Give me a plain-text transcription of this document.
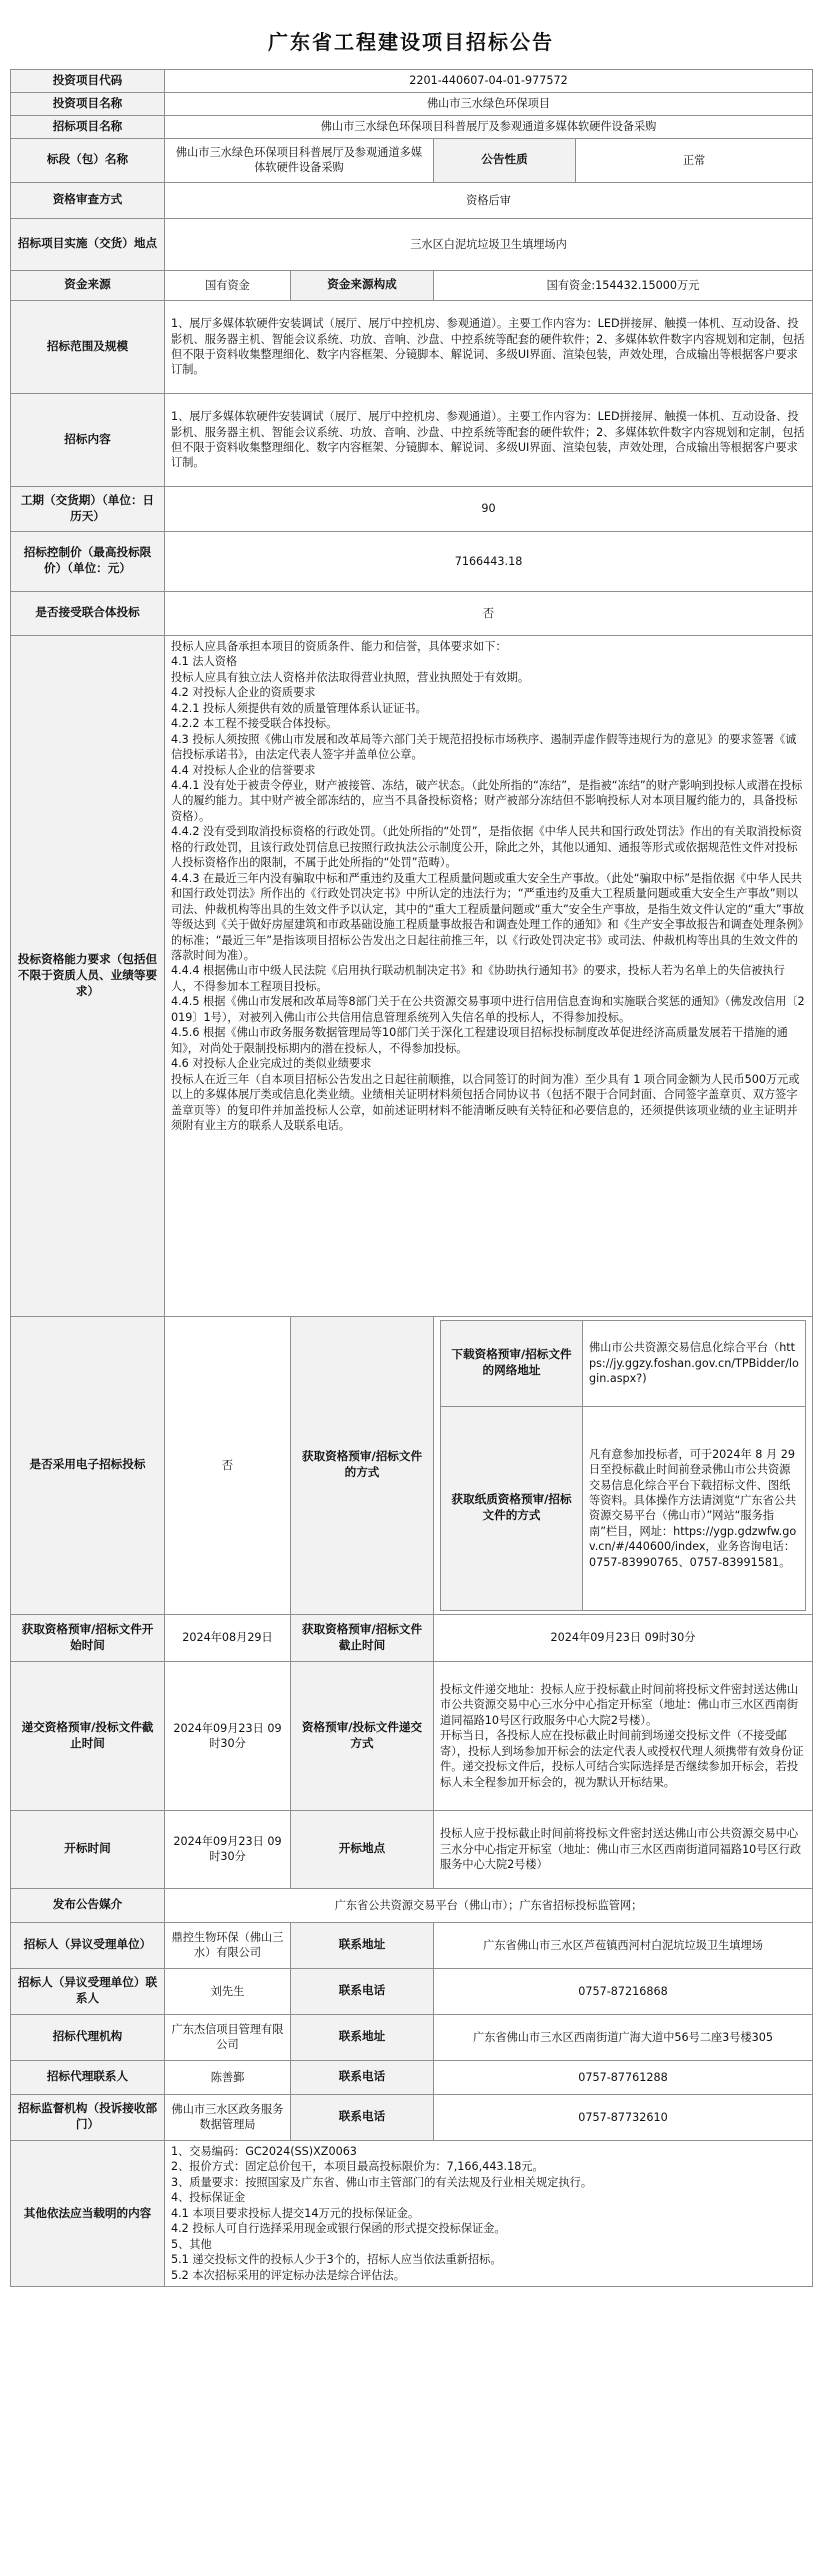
广东省工程建设项目招标公告
投资项目代码	2201-440607-04-01-977572
投资项目名称	佛山市三水绿色环保项目
招标项目名称	佛山市三水绿色环保项目科普展厅及参观通道多媒体软硬件设备采购
标段（包）名称	佛山市三水绿色环保项目科普展厅及参观通道多媒体软硬件设备采购	公告性质	正常
资格审查方式	资格后审
招标项目实施（交货）地点	三水区白泥坑垃圾卫生填埋场内
资金来源	国有资金	资金来源构成	国有资金:154432.15000万元
招标范围及规模	1、展厅多媒体软硬件安装调试（展厅、展厅中控机房、参观通道）。主要工作内容为：LED拼接屏、触摸一体机、互动设备、投影机、服务器主机、智能会议系统、功放、音响、沙盘、中控系统等配套的硬件软件；2、多媒体软件数字内容规划和定制，包括但不限于资料收集整理细化、数字内容框架、分镜脚本、解说词、多级UI界面、渲染包装，声效处理，合成输出等根据客户要求订制。
招标内容	1、展厅多媒体软硬件安装调试（展厅、展厅中控机房、参观通道）。主要工作内容为：LED拼接屏、触摸一体机、互动设备、投影机、服务器主机、智能会议系统、功放、音响、沙盘、中控系统等配套的硬件软件；2、多媒体软件数字内容规划和定制，包括但不限于资料收集整理细化、数字内容框架、分镜脚本、解说词、多级UI界面、渲染包装，声效处理，合成输出等根据客户要求订制。
工期（交货期）（单位：日历天）	90
招标控制价（最高投标限价）（单位：元）	7166443.18
是否接受联合体投标	否
投标资格能力要求（包括但不限于资质人员、业绩等要求）	投标人应具备承担本项目的资质条件、能力和信誉，具体要求如下：
4.1 法人资格
投标人应具有独立法人资格并依法取得营业执照，营业执照处于有效期。
4.2 对投标人企业的资质要求
4.2.1 投标人须提供有效的质量管理体系认证证书。
4.2.2 本工程不接受联合体投标。
4.3 投标人须按照《佛山市发展和改革局等六部门关于规范招投标市场秩序、遏制弄虚作假等违规行为的意见》的要求签署《诚信投标承诺书》，由法定代表人签字并盖单位公章。
4.4 对投标人企业的信誉要求
4.4.1 没有处于被责令停业，财产被接管、冻结，破产状态。（此处所指的“冻结”，是指被“冻结”的财产影响到投标人或潜在投标人的履约能力。其中财产被全部冻结的，应当不具备投标资格；财产被部分冻结但不影响投标人对本项目履约能力的，具备投标资格）。
4.4.2 没有受到取消投标资格的行政处罚。（此处所指的“处罚”，是指依据《中华人民共和国行政处罚法》作出的有关取消投标资格的行政处罚，且该行政处罚信息已按照行政执法公示制度公开，除此之外，其他以通知、通报等形式或依据规范性文件对投标人投标资格作出的限制，不属于此处所指的“处罚”范畴）。
4.4.3 在最近三年内没有骗取中标和严重违约及重大工程质量问题或重大安全生产事故。（此处“骗取中标”是指依据《中华人民共和国行政处罚法》所作出的《行政处罚决定书》中所认定的违法行为；“严重违约及重大工程质量问题或重大安全生产事故”则以司法、仲裁机构等出具的生效文件予以认定，其中的“重大工程质量问题或“重大”安全生产事故，是指生效文件认定的“重大”事故等级达到《关于做好房屋建筑和市政基础设施工程质量事故报告和调查处理工作的通知》和《生产安全事故报告和调查处理条例》的标准；“最近三年”是指该项目招标公告发出之日起往前推三年，以《行政处罚决定书》或司法、仲裁机构等出具的生效文件的落款时间为准）。
4.4.4 根据佛山市中级人民法院《启用执行联动机制决定书》和《协助执行通知书》的要求，投标人若为名单上的失信被执行人，不得参加本工程项目投标。
4.4.5 根据《佛山市发展和改革局等8部门关于在公共资源交易事项中进行信用信息查询和实施联合奖惩的通知》（佛发改信用〔2019〕1号），对被列入佛山市公共信用信息管理系统列入失信名单的投标人，不得参加投标。
4.5.6 根据《佛山市政务服务数据管理局等10部门关于深化工程建设项目招标投标制度改革促进经济高质量发展若干措施的通知》，对尚处于限制投标期内的潜在投标人，不得参加投标。
4.6 对投标人企业完成过的类似业绩要求
投标人在近三年（自本项目招标公告发出之日起往前顺推，以合同签订的时间为准）至少具有 1 项合同金额为人民币500万元或以上的多媒体展厅类或信息化类业绩。业绩相关证明材料须包括合同协议书（包括不限于合同封面、合同签字盖章页、双方签字盖章页等）的复印件并加盖投标人公章，如前述证明材料不能清晰反映有关特征和必要信息的，还须提供该项业绩的业主证明并须附有业主方的联系人及联系电话。
是否采用电子招标投标	否	获取资格预审/招标文件的方式	
下载资格预审/招标文件的网络地址	佛山市公共资源交易信息化综合平台（https://jy.ggzy.foshan.gov.cn/TPBidder/login.aspx?)
获取纸质资格预审/招标文件的方式	凡有意参加投标者，可于2024年 8 月 29 日至投标截止时间前登录佛山市公共资源交易信息化综合平台下载招标文件、图纸等资料。具体操作方法请浏览“广东省公共资源交易平台（佛山市）”网站“服务指南”栏目，网址：https://ygp.gdzwfw.gov.cn/#/440600/index，业务咨询电话：0757-83990765、0757-83991581。

获取资格预审/招标文件开始时间	2024年08月29日	获取资格预审/招标文件截止时间	2024年09月23日 09时30分
递交资格预审/投标文件截止时间	2024年09月23日 09时30分	资格预审/投标文件递交方式	投标文件递交地址：投标人应于投标截止时间前将投标文件密封送达佛山市公共资源交易中心三水分中心指定开标室（地址：佛山市三水区西南街道同福路10号区行政服务中心大院2号楼）。
开标当日，各投标人应在投标截止时间前到场递交投标文件（不接受邮寄），投标人到场参加开标会的法定代表人或授权代理人须携带有效身份证件。递交投标文件后，投标人可结合实际选择是否继续参加开标会，若投标人未全程参加开标会的，视为默认开标结果。
开标时间	2024年09月23日 09时30分	开标地点	投标人应于投标截止时间前将投标文件密封送达佛山市公共资源交易中心三水分中心指定开标室（地址：佛山市三水区西南街道同福路10号区行政服务中心大院2号楼）
发布公告媒介	广东省公共资源交易平台（佛山市）；广东省招标投标监管网；
招标人（异议受理单位）	鼎控生物环保（佛山三水）有限公司	联系地址	广东省佛山市三水区芦苞镇西河村白泥坑垃圾卫生填埋场
招标人（异议受理单位）联系人	刘先生	联系电话	0757-87216868
招标代理机构	广东杰信项目管理有限公司	联系地址	广东省佛山市三水区西南街道广海大道中56号二座3号楼305
招标代理联系人	陈善鄞	联系电话	0757-87761288
招标监督机构（投诉接收部门）	佛山市三水区政务服务数据管理局	联系电话	0757-87732610
其他依法应当载明的内容	1、交易编码：GC2024(SS)XZ0063
2、报价方式：固定总价包干，本项目最高投标限价为：7,166,443.18元。
3、质量要求：按照国家及广东省、佛山市主管部门的有关法规及行业相关规定执行。
4、投标保证金
4.1 本项目要求投标人提交14万元的投标保证金。
4.2 投标人可自行选择采用现金或银行保函的形式提交投标保证金。
5、其他
5.1 递交投标文件的投标人少于3个的，招标人应当依法重新招标。
5.2 本次招标采用的评定标办法是综合评估法。
